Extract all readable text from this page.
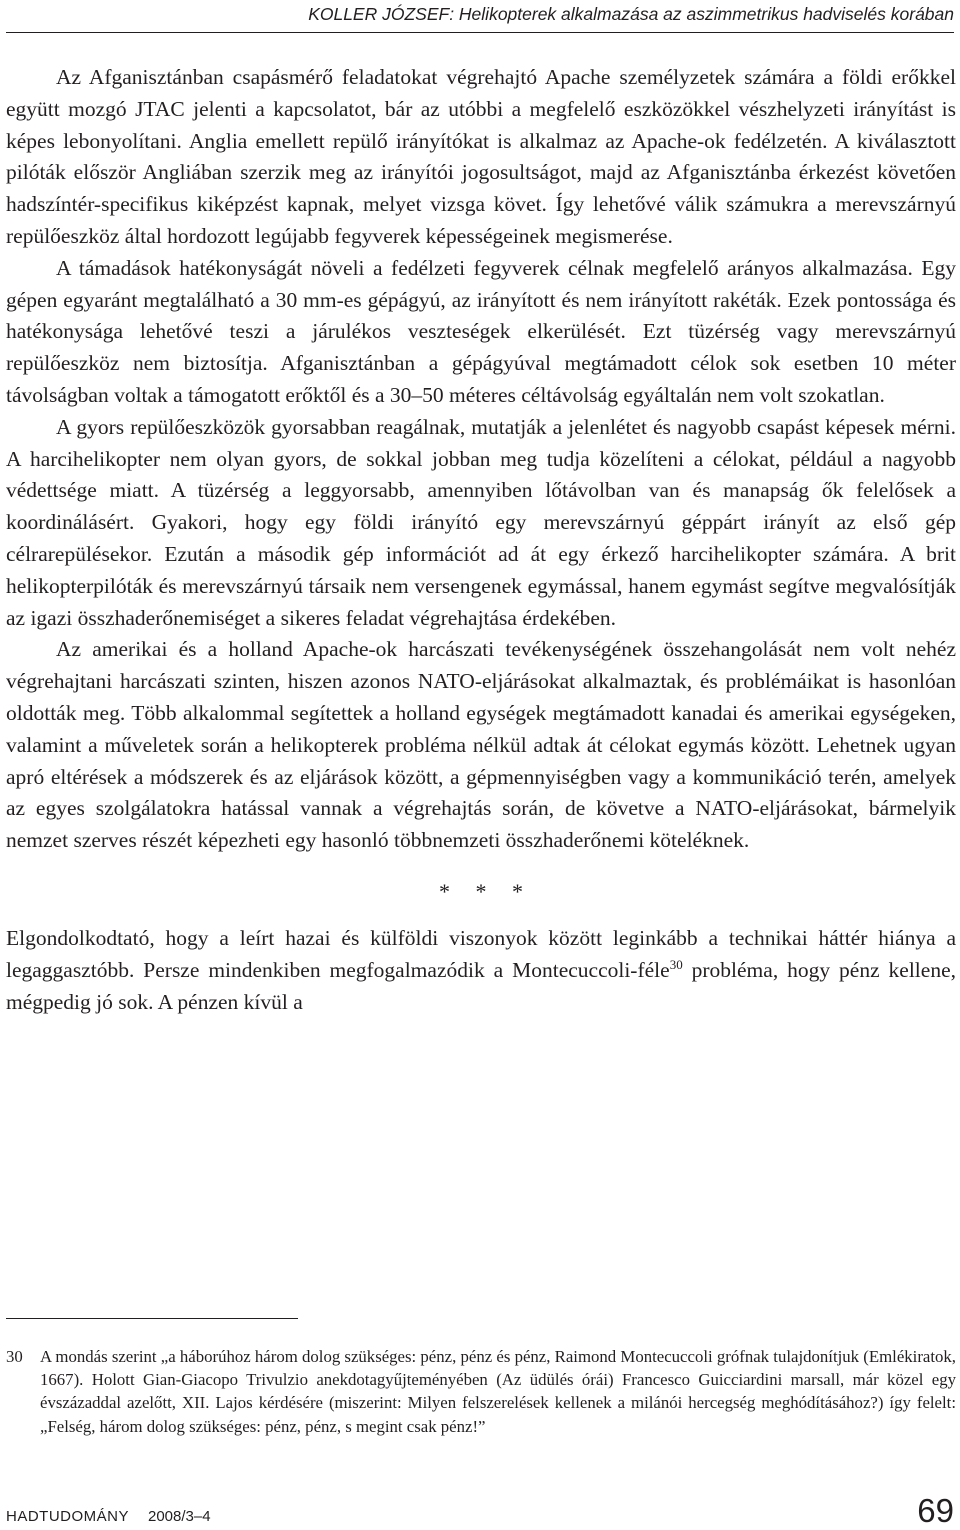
KOLLER JÓZSEF: Helikopterek alkalmazása az aszimmetrikus hadviselés korában

Az Afganisztánban csapásmérő feladatokat végrehajtó Apache személyzetek számára a földi erőkkel együtt mozgó JTAC jelenti a kapcsolatot, bár az utóbbi a megfelelő eszközökkel vészhelyzeti irányítást is képes lebonyolítani. Anglia emellett repülő irányítókat is alkalmaz az Apache-ok fedélzetén. A kiválasztott pilóták először Angliában szerzik meg az irányítói jogosultságot, majd az Afganisztánba érkezést követően hadszíntér-specifikus kiképzést kapnak, melyet vizsga követ. Így lehetővé válik számukra a merevszárnyú repülőeszköz által hordozott legújabb fegyverek képességeinek megismerése.

A támadások hatékonyságát növeli a fedélzeti fegyverek célnak megfelelő arányos alkalmazása. Egy gépen egyaránt megtalálható a 30 mm-es gépágyú, az irányított és nem irányított rakéták. Ezek pontossága és hatékonysága lehetővé teszi a járulékos veszteségek elkerülését. Ezt tüzérség vagy merevszárnyú repülőeszköz nem biztosítja. Afganisztánban a gépágyúval megtámadott célok sok esetben 10 méter távolságban voltak a támogatott erőktől és a 30–50 méteres céltávolság egyáltalán nem volt szokatlan.

A gyors repülőeszközök gyorsabban reagálnak, mutatják a jelenlétet és nagyobb csapást képesek mérni. A harcihelikopter nem olyan gyors, de sokkal jobban meg tudja közelíteni a célokat, például a nagyobb védettsége miatt. A tüzérség a leggyorsabb, amennyiben lőtávolban van és manapság ők felelősek a koordinálásért. Gyakori, hogy egy földi irányító egy merevszárnyú géppárt irányít az első gép célrarepülésekor. Ezután a második gép információt ad át egy érkező harcihelikopter számára. A brit helikopterpilóták és merevszárnyú társaik nem versengenek egymással, hanem egymást segítve megvalósítják az igazi összhaderőnemiséget a sikeres feladat végrehajtása érdekében.

Az amerikai és a holland Apache-ok harcászati tevékenységének összehangolását nem volt nehéz végrehajtani harcászati szinten, hiszen azonos NATO-eljárásokat alkalmaztak, és problémáikat is hasonlóan oldották meg. Több alkalommal segítettek a holland egységek megtámadott kanadai és amerikai egységeken, valamint a műveletek során a helikopterek probléma nélkül adtak át célokat egymás között. Lehetnek ugyan apró eltérések a módszerek és az eljárások között, a gépmennyiségben vagy a kommunikáció terén, amelyek az egyes szolgálatokra hatással vannak a végrehajtás során, de követve a NATO-eljárásokat, bármelyik nemzet szerves részét képezheti egy hasonló többnemzeti összhaderőnemi köteléknek.

* * *

Elgondolkodtató, hogy a leírt hazai és külföldi viszonyok között leginkább a technikai háttér hiánya a legaggasztóbb. Persze mindenkiben megfogalmazódik a Montecuccoli-féle$^{30}$ probléma, hogy pénz kellene, mégpedig jó sok. A pénzen kívül a

30	A mondás szerint „a háborúhoz három dolog szükséges: pénz, pénz és pénz, Raimond Montecuccoli grófnak tulajdonítjuk (Emlékiratok, 1667). Holott Gian-Giacopo Trivulzio anekdotagyűjteményében (Az üdülés órái) Francesco Guicciardini marsall, már közel egy évszázaddal azelőtt, XII. Lajos kérdésére (miszerint: Milyen felszerelések kellenek a milánói hercegség meghódításához?) így felelt: „Felség, három dolog szükséges: pénz, pénz, s megint csak pénz!”
HADTUDOMÁNY 2008/3–4	69
